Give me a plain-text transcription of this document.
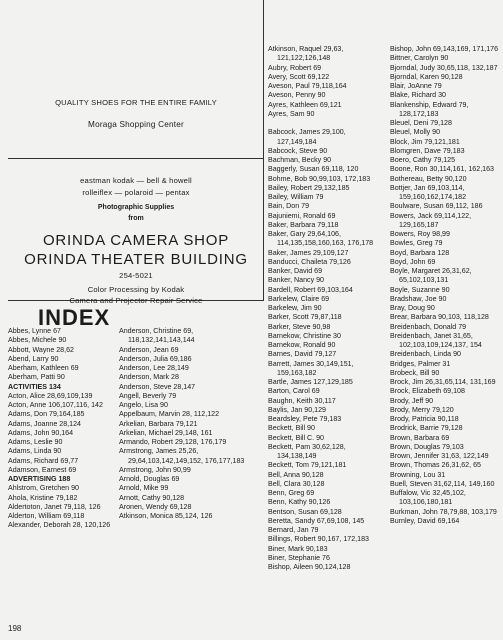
QUALITY SHOES FOR THE ENTIRE FAMILY

Moraga Shopping Center

eastman kodak — bell & howell

rolleiflex — polaroid — pentax

Photographic Supplies

from

ORINDA CAMERA SHOP

ORINDA THEATER BUILDING

254-5021

Color Processing by Kodak

Camera and Projector Repair Service

INDEX
Abbes, Lynne 67
Abbes, Michele 90
Abbott, Wayne 28,62
Abend, Larry 90
Aberham, Kathleen 69
Aberham, Patti 90
ACTIVITIES 134
Acton, Alice 28,69,109,139
Acton, Anne 106,107,116, 142
Adams, Don 79,164,185
Adams, Joanne 28,124
Adams, John 90,164
Adams, Leslie 90
Adams, Linda 90
Adams, Richard 69,77
Adamson, Earnest 69
ADVERTISING 188
Ahlstrom, Gretchen 90
Ahola, Kristine 79,182
Aldertoton, Janet 79,118, 126
Alderton, William 69,118
Alexander, Deborah 28, 120,126
Anderson, Christine 69, 118,132,141,143,144
Anderson, Jean 69
Anderson, Julia 69,186
Anderson, Lee 28,149
Anderson, Mark 28
Anderson, Steve 28,147
Angell, Beverly 79
Angelo, Lisa 90
Appelbaum, Marvin 28, 112,122
Arkelian, Barbara 79,121
Arkelian, Michael 29,148, 161
Armando, Robert 29,128, 176,179
Armstrong, James 25,26, 29,64,103,142,149,152, 176,177,183
Armstrong, John 90,99
Arnold, Douglas 69
Arnold, Mike 99
Arnott, Cathy 90,128
Aronen, Wendy 69,128
Atkinson, Monica 85,124, 126
Atkinson, Raquel 29,63, 121,122,126,148
Aubry, Robert 69
Avery, Scott 69,122
Aveson, Paul 79,118,164
Aveson, Penny 90
Ayres, Kathleen 69,121
Ayres, Sam 90

Babcock, James 29,100, 127,149,184
Babcock, Steve 90
Bachman, Becky 90
Baggerly, Susan 69,118, 120
Bohme, Bob 90,99,103, 172,183
Bailey, Robert 29,132,185
Bailey, William 79
Bain, Don 79
Bajuniemi, Ronald 69
Baker, Barbara 79,118
Baker, Gary 29,64,106, 114,135,158,160,163, 176,178
Baker, James 29,109,127
Banducci, Chaileta 79,126
Banker, David 69
Banker, Nancy 90
Bardell, Robert 69,103,164
Barkelew, Claire 69
Barkelew, Jim 90
Barker, Scott 79,87,118
Barker, Steve 90,98
Barnekow, Christine 30
Barnekow, Ronald 90
Barnes, David 79,127
Barrett, James 30,149,151, 159,163,182
Bartle, James 127,129,185
Barton, Carol 69
Baughn, Keith 30,117
Baylis, Jan 90,129
Beardsley, Pete 79,183
Beckett, Bill 90
Beckett, Bill C. 90
Beckett, Pam 30,62,128, 134,138,149
Beckett, Tom 79,121,181
Bell, Anna 90,128
Bell, Clara 30,128
Benn, Greg 69
Benn, Kathy 90,126
Bentson, Susan 69,128
Beretta, Sandy 67,69,108, 145
Bernard, Jan 79
Billings, Robert 90,167, 172,183
Biner, Mark 90,183
Biner, Stephanie 76
Bishop, Aileen 90,124,128
Bishop, John 69,143,169, 171,176
Bittner, Carolyn 90
Bjorndal, Judy 30,65,118, 132,187
Bjorndal, Karen 90,128
Blair, JoAnne 79
Blake, Richard 30
Blankenship, Edward 79, 128,172,183
Bleuel, Deni 79,128
Bleuel, Molly 90
Block, Jim 79,121,181
Blomgren, Dave 79,183
Boero, Cathy 79,125
Boone, Ron 30,114,161, 162,163
Bothereau, Betty 90,120
Bottjer, Jan 69,103,114, 159,160,162,174,182
Boulware, Susan 69,112, 186
Bowers, Jack 69,114,122, 129,165,187
Bowers, Roy 98,99
Bowles, Greg 79
Boyd, Barbara 128
Boyd, John 69
Boyle, Margaret 26,31,62, 65,102,103,131
Boyle, Suzanne 90
Bradshaw, Joe 90
Bray, Doug 90
Brear, Barbara 90,103, 118,128
Breidenbach, Donald 79
Breidenbach, Janet 31,65, 102,103,109,124,137, 154
Breidenbach, Linda 90
Bridges, Palmer 31
Brobeck, Bill 90
Brock, Jim 26,31,65,114, 131,169
Brock, Elizabeth 69,108
Brody, Jeff 90
Brody, Merry 79,120
Brody, Patricia 90,118
Brodrick, Barrie 79,128
Brown, Barbara 69
Brown, Douglas 79,103
Brown, Jennifer 31,63, 122,149
Brown, Thomas 26,31,62, 65
Browning, Lou 31
Buell, Steven 31,62,114, 149,160
Buffalow, Vic 32,45,102, 103,106,180,181
Burkman, John 78,79,88, 103,179
Burnley, David 69,164
198
